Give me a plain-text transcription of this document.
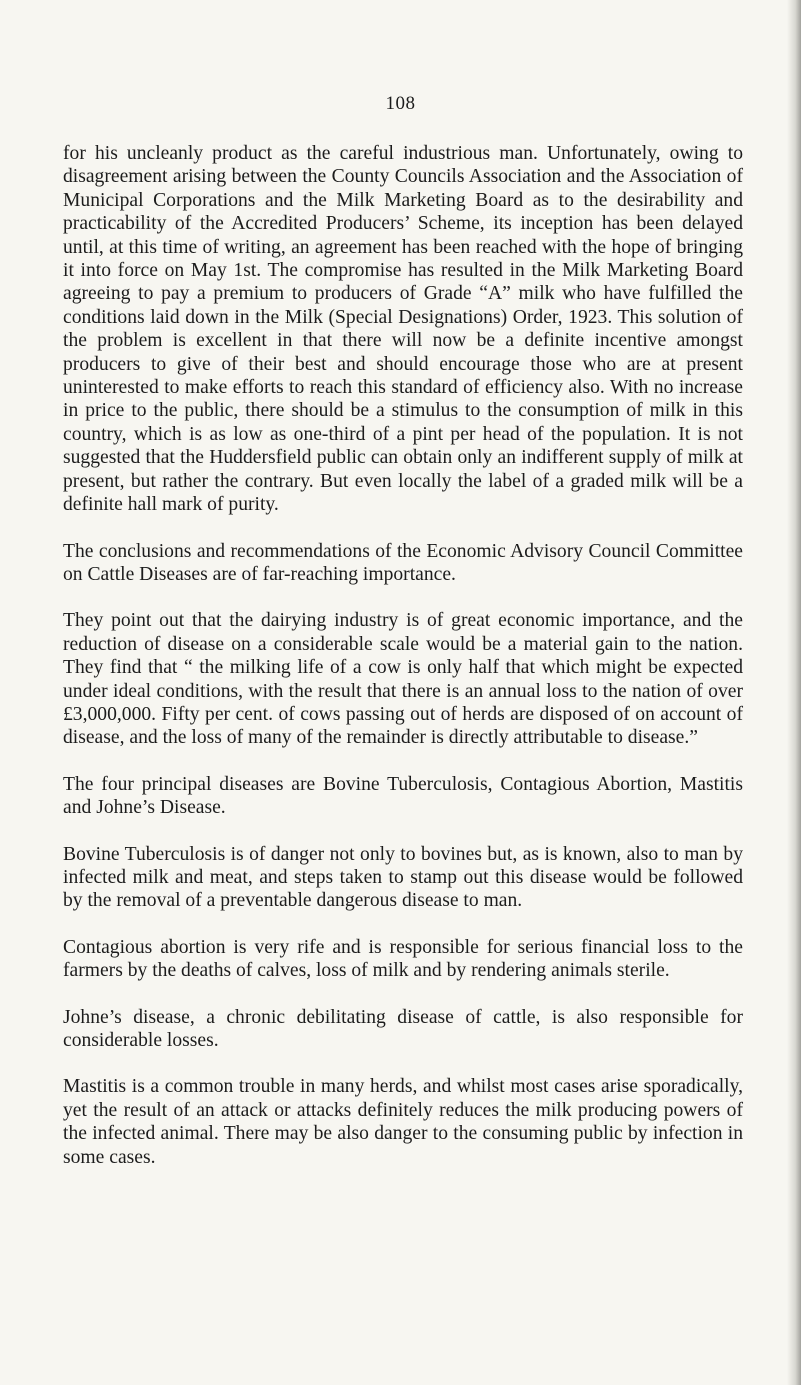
108

for his uncleanly product as the careful industrious man. Unfortunately, owing to disagreement arising between the County Councils Association and the Association of Municipal Corporations and the Milk Marketing Board as to the desirability and practicability of the Accredited Producers’ Scheme, its inception has been delayed until, at this time of writing, an agreement has been reached with the hope of bringing it into force on May 1st. The compromise has resulted in the Milk Marketing Board agreeing to pay a premium to producers of Grade “A” milk who have fulfilled the conditions laid down in the Milk (Special Designations) Order, 1923. This solution of the problem is excellent in that there will now be a definite incentive amongst producers to give of their best and should encourage those who are at present uninterested to make efforts to reach this standard of efficiency also. With no increase in price to the public, there should be a stimulus to the consumption of milk in this country, which is as low as one-third of a pint per head of the population. It is not suggested that the Huddersfield public can obtain only an indifferent supply of milk at present, but rather the contrary. But even locally the label of a graded milk will be a definite hall mark of purity.

The conclusions and recommendations of the Economic Advisory Council Committee on Cattle Diseases are of far-reaching importance.

They point out that the dairying industry is of great economic importance, and the reduction of disease on a considerable scale would be a material gain to the nation. They find that “ the milking life of a cow is only half that which might be expected under ideal conditions, with the result that there is an annual loss to the nation of over £3,000,000. Fifty per cent. of cows passing out of herds are disposed of on account of disease, and the loss of many of the remainder is directly attributable to disease.”

The four principal diseases are Bovine Tuberculosis, Contagious Abortion, Mastitis and Johne’s Disease.

Bovine Tuberculosis is of danger not only to bovines but, as is known, also to man by infected milk and meat, and steps taken to stamp out this disease would be followed by the removal of a preventable dangerous disease to man.

Contagious abortion is very rife and is responsible for serious financial loss to the farmers by the deaths of calves, loss of milk and by rendering animals sterile.

Johne’s disease, a chronic debilitating disease of cattle, is also responsible for considerable losses.

Mastitis is a common trouble in many herds, and whilst most cases arise sporadically, yet the result of an attack or attacks definitely reduces the milk producing powers of the infected animal. There may be also danger to the consuming public by infection in some cases.
